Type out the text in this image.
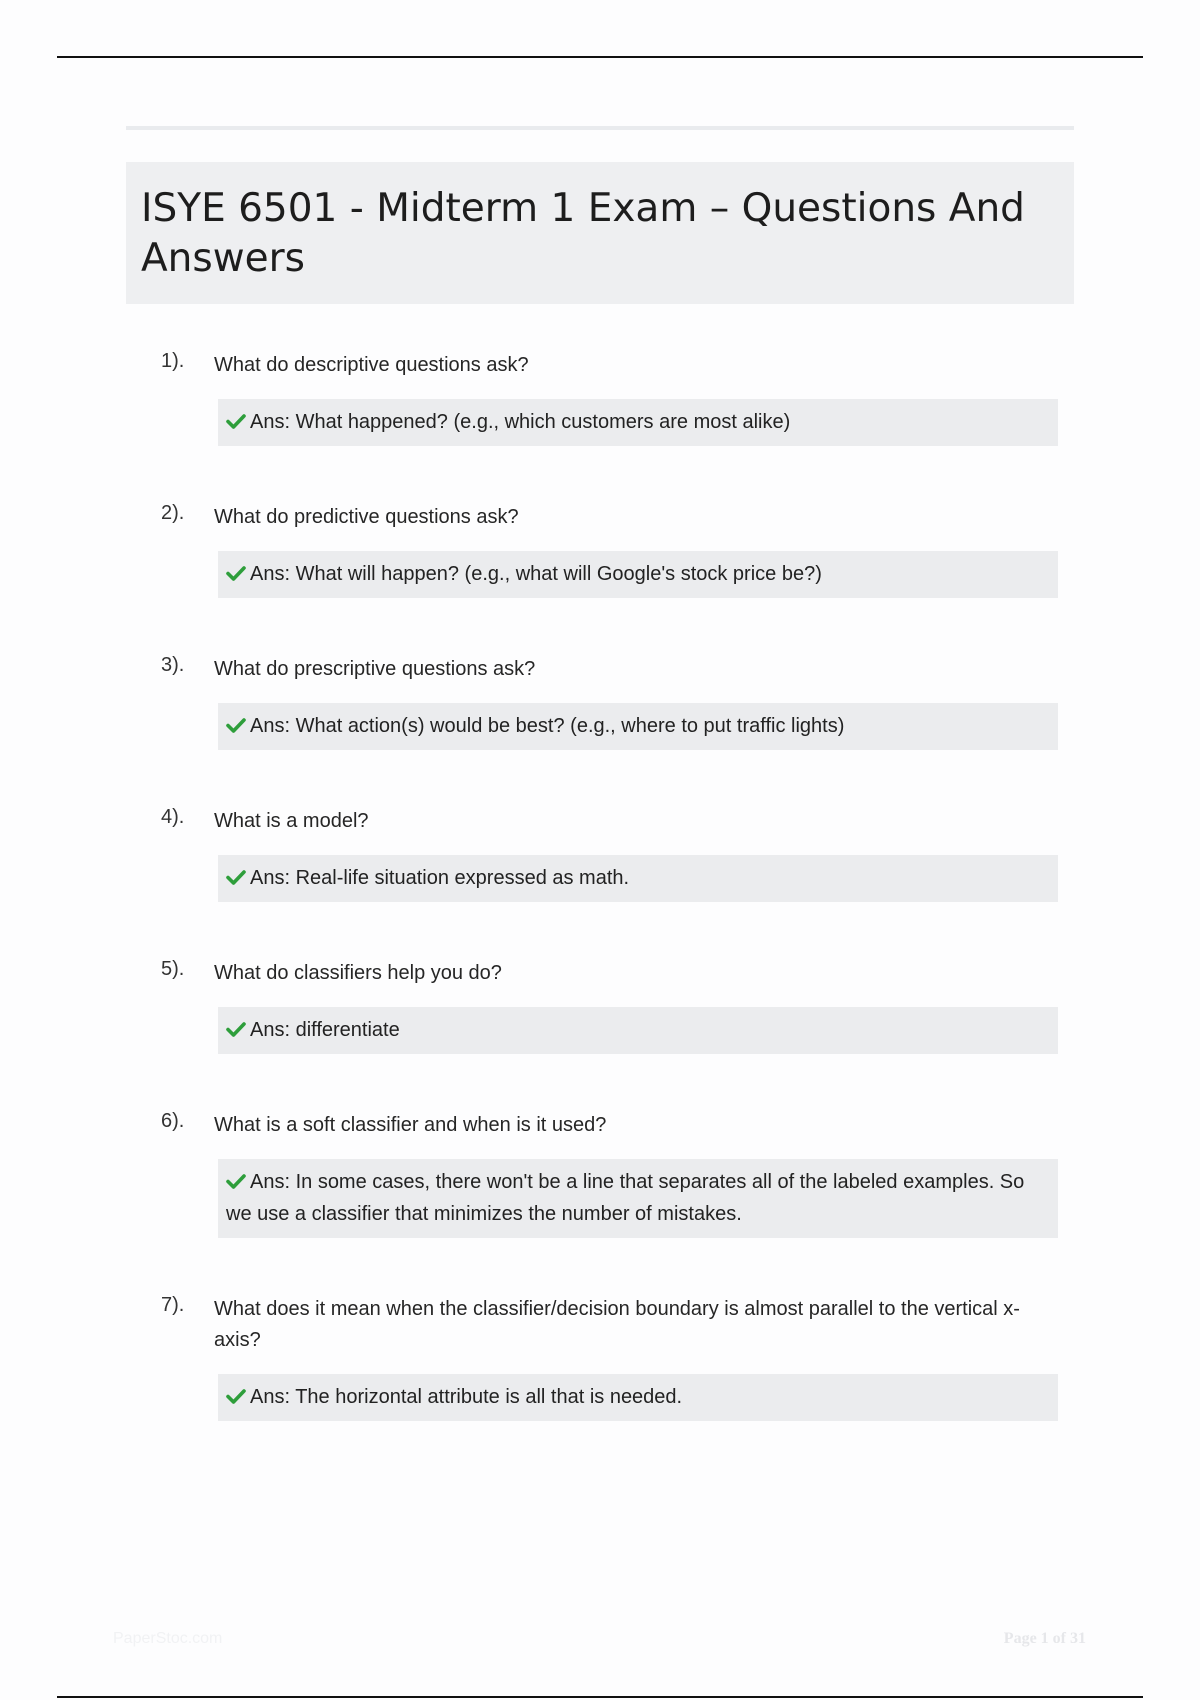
ISYE 6501 - Midterm 1 Exam – Questions And Answers
1). What do descriptive questions ask?
Ans: What happened? (e.g., which customers are most alike)
2). What do predictive questions ask?
Ans: What will happen? (e.g., what will Google's stock price be?)
3). What do prescriptive questions ask?
Ans: What action(s) would be best? (e.g., where to put traffic lights)
4). What is a model?
Ans: Real-life situation expressed as math.
5). What do classifiers help you do?
Ans: differentiate
6). What is a soft classifier and when is it used?
Ans: In some cases, there won't be a line that separates all of the labeled examples. So we use a classifier that minimizes the number of mistakes.
7). What does it mean when the classifier/decision boundary is almost parallel to the vertical x-axis?
Ans: The horizontal attribute is all that is needed.
PaperStoc.com	Page 1 of 31
